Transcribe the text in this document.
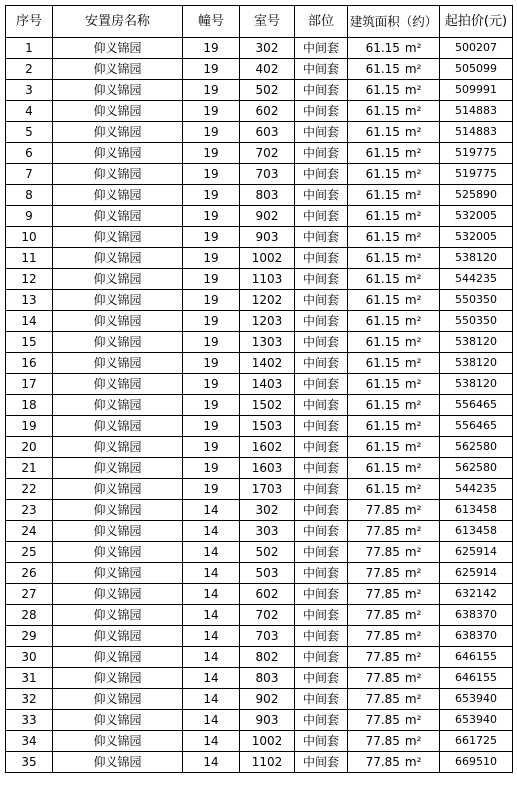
序号	安置房名称	幢号	室号	部位	建筑面积（约）	起拍价(元)
1	仰义锦园	19	302	中间套	61.15 m²	500207
2	仰义锦园	19	402	中间套	61.15 m²	505099
3	仰义锦园	19	502	中间套	61.15 m²	509991
4	仰义锦园	19	602	中间套	61.15 m²	514883
5	仰义锦园	19	603	中间套	61.15 m²	514883
6	仰义锦园	19	702	中间套	61.15 m²	519775
7	仰义锦园	19	703	中间套	61.15 m²	519775
8	仰义锦园	19	803	中间套	61.15 m²	525890
9	仰义锦园	19	902	中间套	61.15 m²	532005
10	仰义锦园	19	903	中间套	61.15 m²	532005
11	仰义锦园	19	1002	中间套	61.15 m²	538120
12	仰义锦园	19	1103	中间套	61.15 m²	544235
13	仰义锦园	19	1202	中间套	61.15 m²	550350
14	仰义锦园	19	1203	中间套	61.15 m²	550350
15	仰义锦园	19	1303	中间套	61.15 m²	538120
16	仰义锦园	19	1402	中间套	61.15 m²	538120
17	仰义锦园	19	1403	中间套	61.15 m²	538120
18	仰义锦园	19	1502	中间套	61.15 m²	556465
19	仰义锦园	19	1503	中间套	61.15 m²	556465
20	仰义锦园	19	1602	中间套	61.15 m²	562580
21	仰义锦园	19	1603	中间套	61.15 m²	562580
22	仰义锦园	19	1703	中间套	61.15 m²	544235
23	仰义锦园	14	302	中间套	77.85 m²	613458
24	仰义锦园	14	303	中间套	77.85 m²	613458
25	仰义锦园	14	502	中间套	77.85 m²	625914
26	仰义锦园	14	503	中间套	77.85 m²	625914
27	仰义锦园	14	602	中间套	77.85 m²	632142
28	仰义锦园	14	702	中间套	77.85 m²	638370
29	仰义锦园	14	703	中间套	77.85 m²	638370
30	仰义锦园	14	802	中间套	77.85 m²	646155
31	仰义锦园	14	803	中间套	77.85 m²	646155
32	仰义锦园	14	902	中间套	77.85 m²	653940
33	仰义锦园	14	903	中间套	77.85 m²	653940
34	仰义锦园	14	1002	中间套	77.85 m²	661725
35	仰义锦园	14	1102	中间套	77.85 m²	669510
